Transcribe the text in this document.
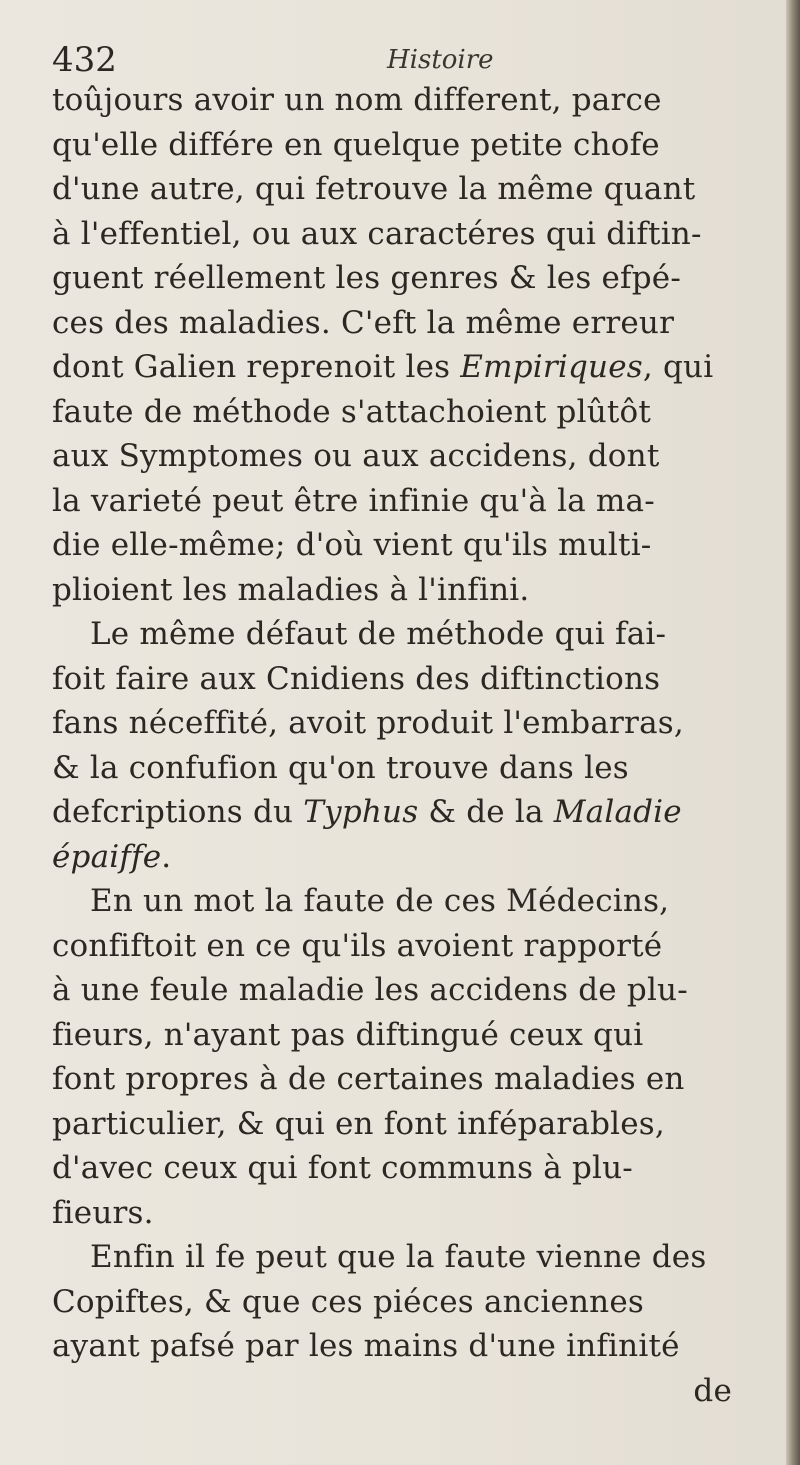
432	Histoire
toûjours avoir un nom different, parce
qu'elle différe en quelque petite chofe
d'une autre, qui fetrouve la même quant
à l'effentiel, ou aux caractéres qui diftin-
guent réellement les genres & les efpé-
ces des maladies. C'eft la même erreur
dont Galien reprenoit les Empiriques, qui
faute de méthode s'attachoient plûtôt
aux Symptomes ou aux accidens, dont
la varieté peut être infinie qu'à la ma-
die elle-même; d'où vient qu'ils multi-
plioient les maladies à l'infini.
Le même défaut de méthode qui fai-
foit faire aux Cnidiens des diftinctions
fans néceffité, avoit produit l'embarras,
& la confufion qu'on trouve dans les
defcriptions du Typhus & de la Maladie
épaiffe.
En un mot la faute de ces Médecins,
confiftoit en ce qu'ils avoient rapporté
à une feule maladie les accidens de plu-
fieurs, n'ayant pas diftingué ceux qui
font propres à de certaines maladies en
particulier, & qui en font inféparables,
d'avec ceux qui font communs à plu-
fieurs.
Enfin il fe peut que la faute vienne des
Copiftes, & que ces piéces anciennes
ayant pafsé par les mains d'une infinité
de
